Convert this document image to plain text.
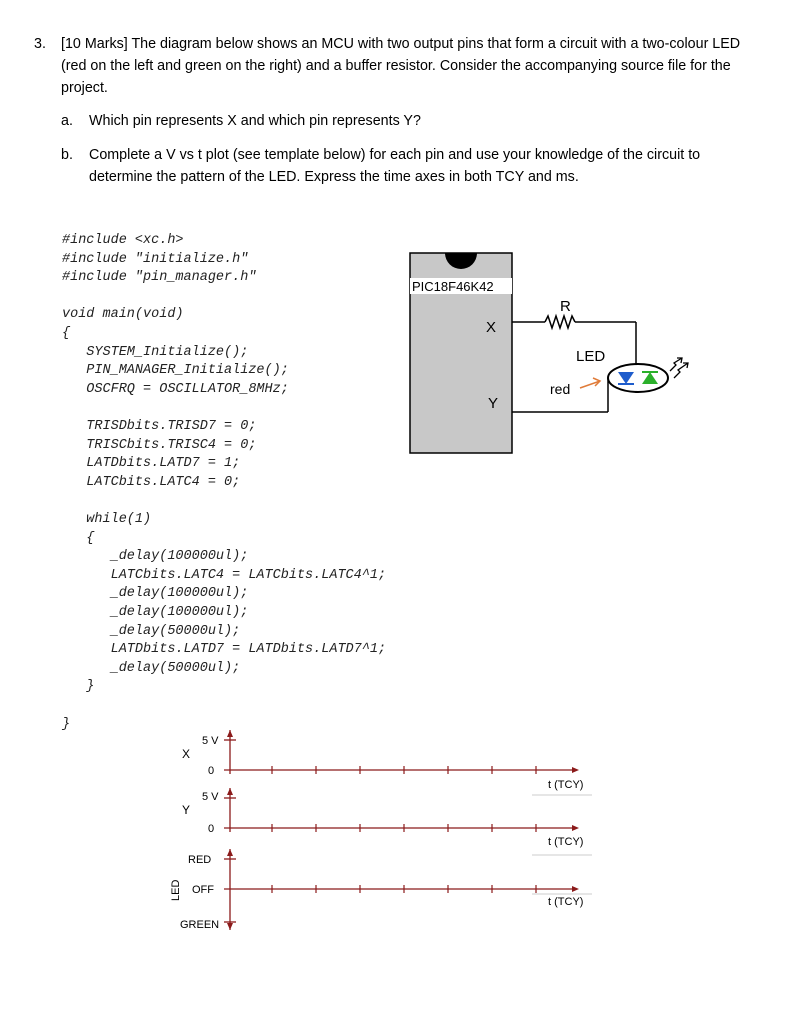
3. [10 Marks] The diagram below shows an MCU with two output pins that form a circuit with a two-colour LED (red on the left and green on the right) and a buffer resistor. Consider the accompanying source file for the project.
a. Which pin represents X and which pin represents Y?
b. Complete a V vs t plot (see template below) for each pin and use your knowledge of the circuit to determine the pattern of the LED. Express the time axes in both TCY and ms.
#include <xc.h>
#include "initialize.h"
#include "pin_manager.h"
void main(void)
{
SYSTEM_Initialize();
PIN_MANAGER_Initialize();
OSCFRQ = OSCILLATOR_8MHz;
TRISDbits.TRISD7 = 0;
TRISCbits.TRISC4 = 0;
LATDbits.LATD7 = 1;
LATCbits.LATC4 = 0;
while(1)
{
_delay(100000ul);
LATCbits.LATC4 = LATCbits.LATC4^1;
_delay(100000ul);
_delay(100000ul);
_delay(50000ul);
LATDbits.LATD7 = LATDbits.LATD7^1;
_delay(50000ul);
}
}
PIC18F46K42
X
Y
R
LED
red
X
5 V
0
Y
5 V
0
RED
OFF
GREEN
LED
t (TCY)
t (TCY)
t (TCY)
